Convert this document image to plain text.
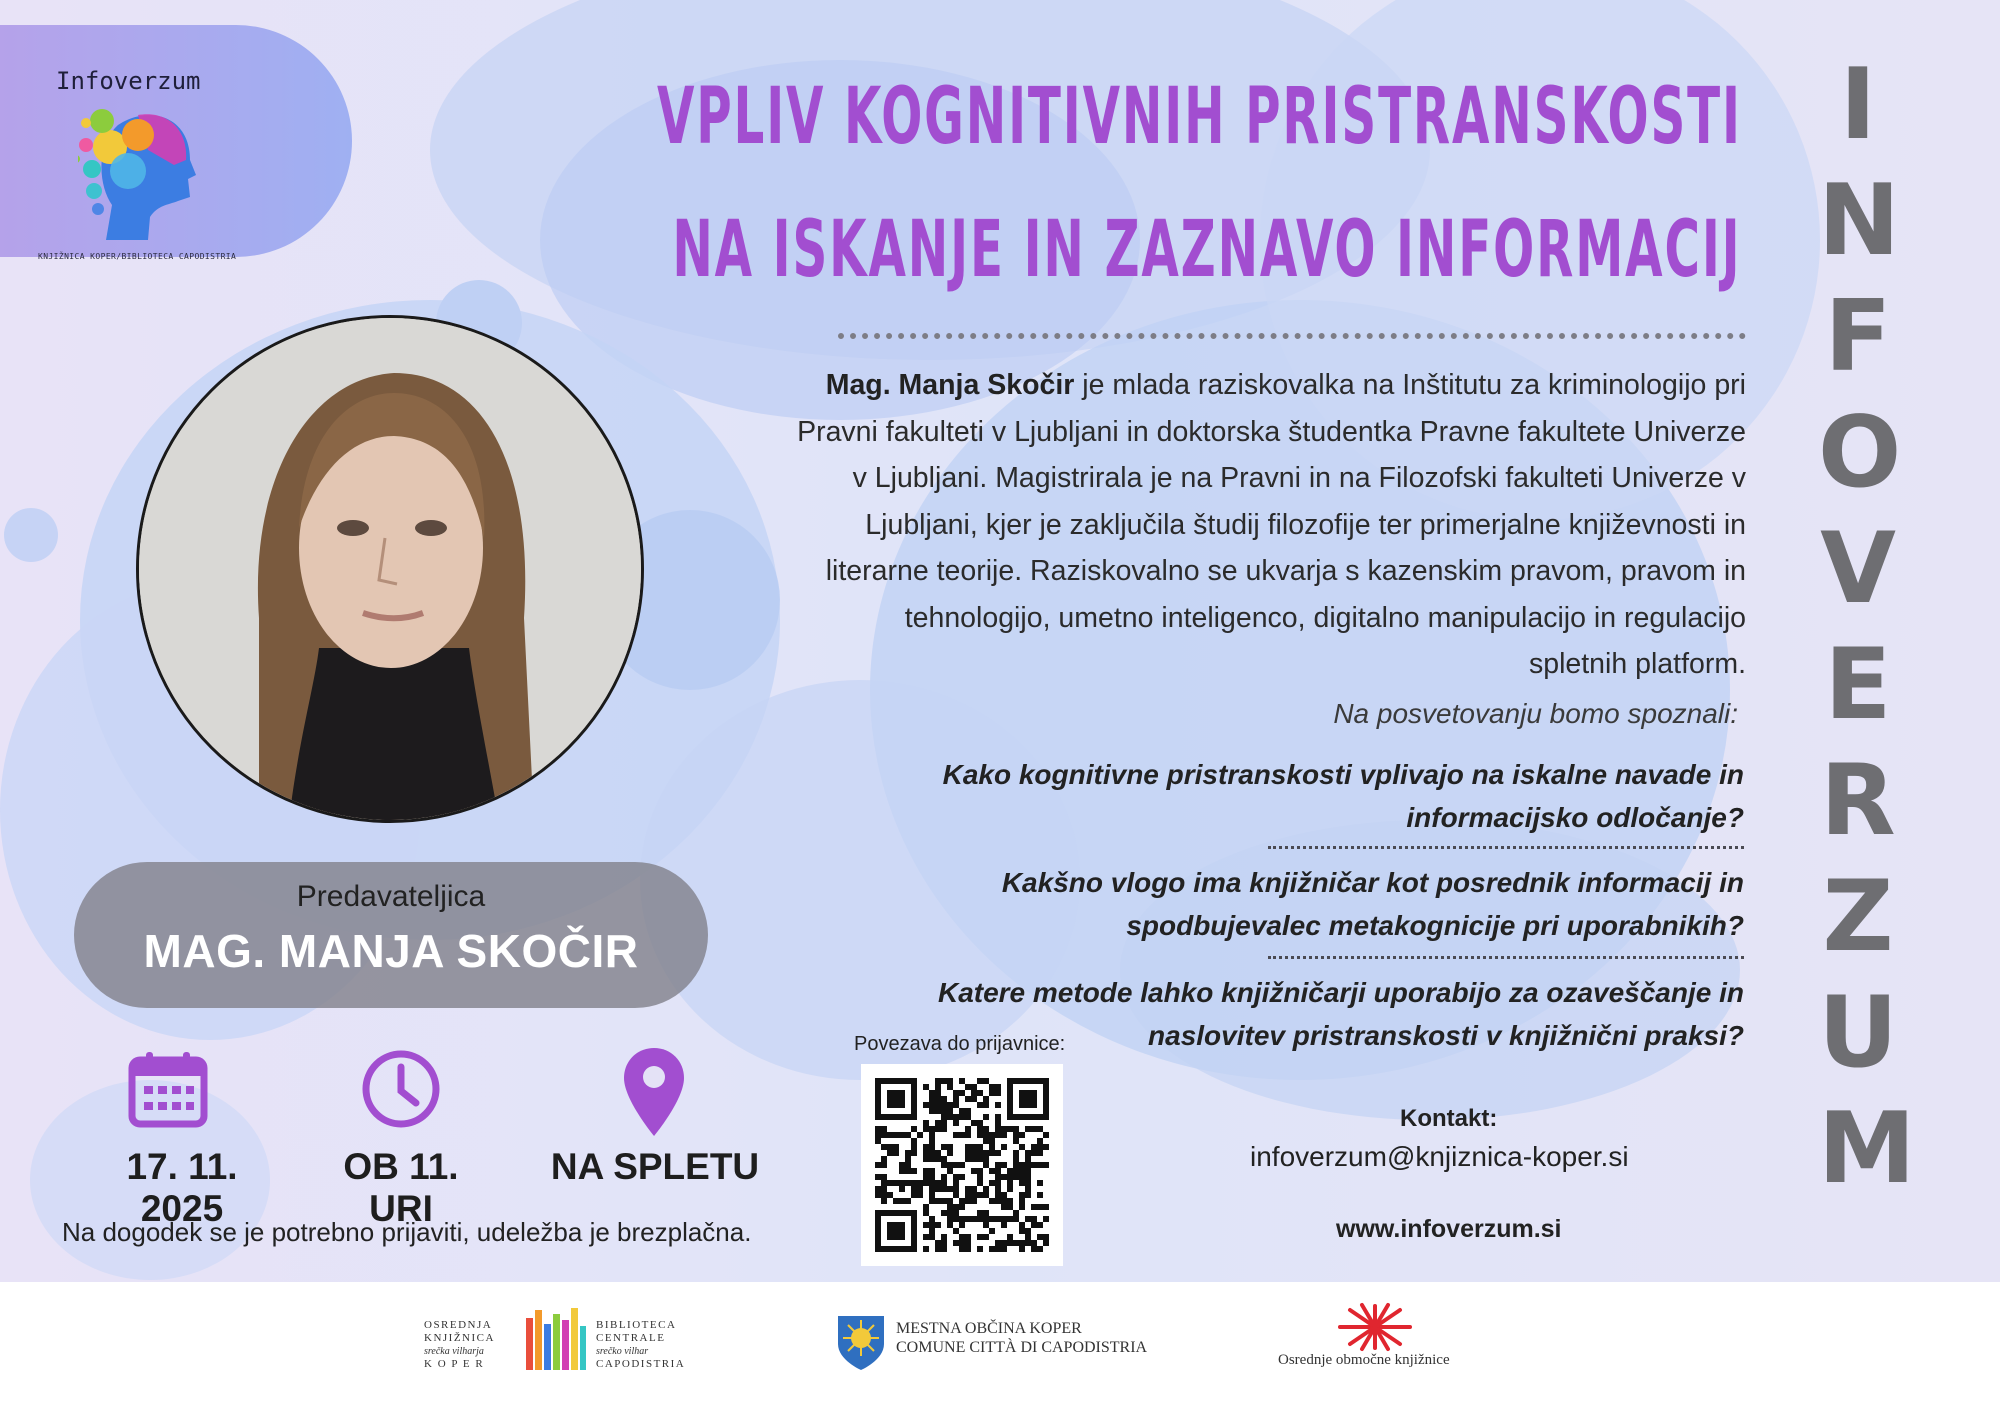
Infoverzum
KNJIŽNICA KOPER/BIBLIOTECA CAPODISTRIA
VPLIV KOGNITIVNIH PRISTRANSKOSTI
NA ISKANJE IN ZAZNAVO INFORMACIJ
I
N
F
O
V
E
R
Z
U
M

Mag. Manja Skočir je mlada raziskovalka na Inštitutu za kriminologijo pri
Pravni fakulteti v Ljubljani in doktorska študentka Pravne fakultete Univerze
v Ljubljani. Magistrirala je na Pravni in na Filozofski fakulteti Univerze v
Ljubljani, kjer je zaključila študij filozofije ter primerjalne književnosti in
literarne teorije. Raziskovalno se ukvarja s kazenskim pravom, pravom in
tehnologijo, umetno inteligenco, digitalno manipulacijo in regulacijo
spletnih platform.

Na posvetovanju bomo spoznali:

Kako kognitivne pristranskosti vplivajo na iskalne navade in
informacijsko odločanje?

Kakšno vlogo ima knjižničar kot posrednik informacij in
spodbujevalec metakognicije pri uporabnikih?

Katere metode lahko knjižničarji uporabijo za ozaveščanje in
naslovitev pristranskosti v knjižnični praksi?

Predavateljica
MAG. MANJA SKOČIR
17. 11. 2025
OB 11. URI
NA SPLETU
Na dogodek se je potrebno prijaviti, udeležba je brezplačna.
Povezava do prijavnice:
Kontakt:
infoverzum@knjiznica-koper.si
www.infoverzum.si
OSREDNJA
KNJIŽNICA
srečka vilharja
K O P E R
BIBLIOTECA
CENTRALE
srečko vilhar
CAPODISTRIA
MESTNA OBČINA KOPER
COMUNE CITTÀ DI CAPODISTRIA
Osrednje območne knjižnice
